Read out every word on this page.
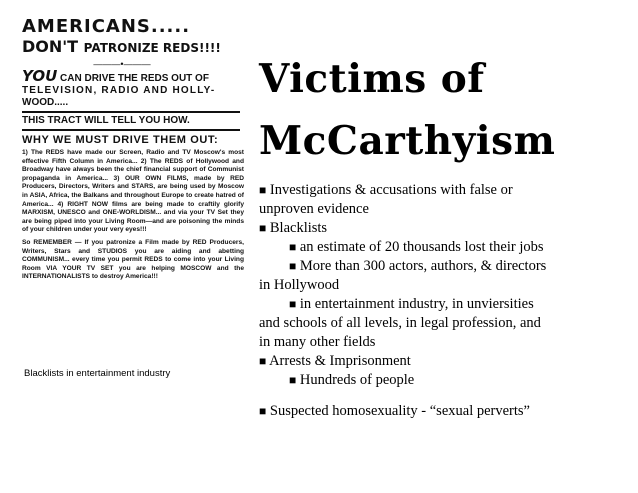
AMERICANS.....
DON'T PATRONIZE REDS!!!!
———•———
YOU CAN DRIVE THE REDS OUT OF
TELEVISION, RADIO AND HOLLY-
WOOD.....
THIS TRACT WILL TELL YOU HOW.
WHY WE MUST DRIVE THEM OUT:
1) The REDS have made our Screen, Radio and TV Moscow's most effective Fifth Column in America... 2) The REDS of Hollywood and Broadway have always been the chief financial support of Communist propaganda in America... 3) OUR OWN FILMS, made by RED Producers, Directors, Writers and STARS, are being used by Moscow in ASIA, Africa, the Balkans and throughout Europe to create hatred of America... 4) RIGHT NOW films are being made to craftily glorify MARXISM, UNESCO and ONE-WORLDISM... and via your TV Set they are being piped into your Living Room—and are poisoning the minds of your children under your very eyes!!!
So REMEMBER — If you patronize a Film made by RED Producers, Writers, Stars and STUDIOS you are aiding and abetting COMMUNISM... every time you permit REDS to come into your Living Room VIA YOUR TV SET you are helping MOSCOW and the INTERNATIONALISTS to destroy America!!!
Blacklists in entertainment industry
Victims of
McCarthyism
■ Investigations & accusations with false or
unproven evidence
■ Blacklists
■ an estimate of 20 thousands lost their jobs
■ More than 300 actors, authors, & directors
in Hollywood
■ in entertainment industry, in unviersities
and schools of all levels, in legal profession, and
in many other fields
■ Arrests & Imprisonment
■ Hundreds of people
■ Suspected homosexuality - “sexual perverts”
